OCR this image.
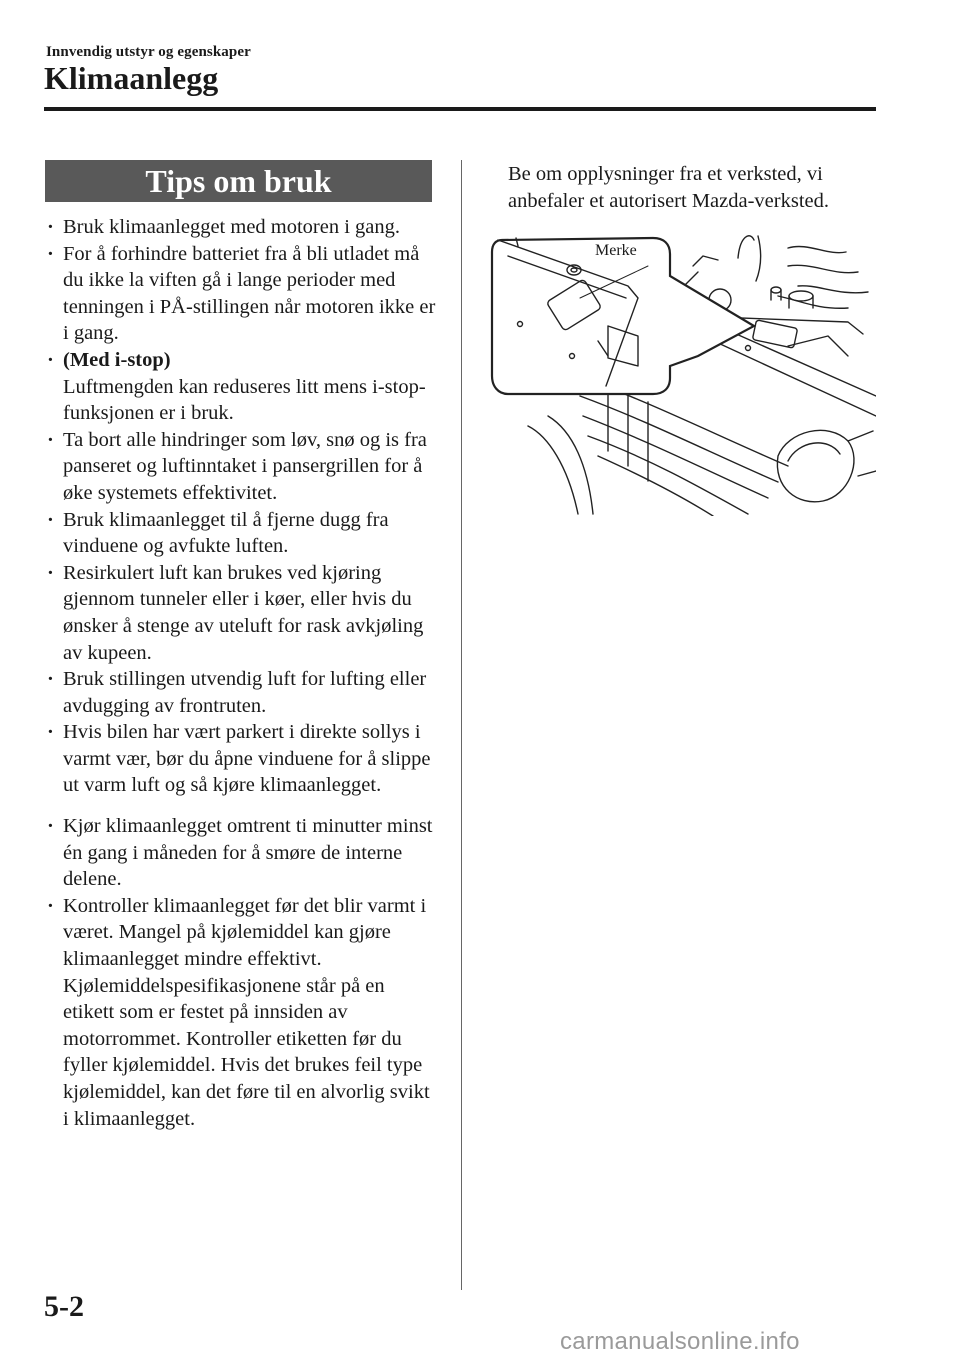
Innvendig utstyr og egenskaper
Klimaanlegg
Tips om bruk
· Bruk klimaanlegget med motoren i gang.
· For å forhindre batteriet fra å bli utladet må du ikke la viften gå i lange perioder med tenningen i PÅ-stillingen når motoren ikke er i gang.
· (Med i-stop)
Luftmengden kan reduseres litt mens i-stop-funksjonen er i bruk.
· Ta bort alle hindringer som løv, snø og is fra panseret og luftinntaket i pansergrillen for å øke systemets effektivitet.
· Bruk klimaanlegget til å fjerne dugg fra vinduene og avfukte luften.
· Resirkulert luft kan brukes ved kjøring gjennom tunneler eller i køer, eller hvis du ønsker å stenge av uteluft for rask avkjøling av kupeen.
· Bruk stillingen utvendig luft for lufting eller avdugging av frontruten.
· Hvis bilen har vært parkert i direkte sollys i varmt vær, bør du åpne vinduene for å slippe ut varm luft og så kjøre klimaanlegget.
· Kjør klimaanlegget omtrent ti minutter minst én gang i måneden for å smøre de interne delene.
· Kontroller klimaanlegget før det blir varmt i været. Mangel på kjølemiddel kan gjøre klimaanlegget mindre effektivt.
Kjølemiddelspesifikasjonene står på en etikett som er festet på innsiden av motorrommet. Kontroller etiketten før du fyller kjølemiddel. Hvis det brukes feil type kjølemiddel, kan det føre til en alvorlig svikt i klimaanlegget.

Be om opplysninger fra et verksted, vi anbefaler et autorisert Mazda-verksted.

Merke
5-2
carmanualsonline.info
